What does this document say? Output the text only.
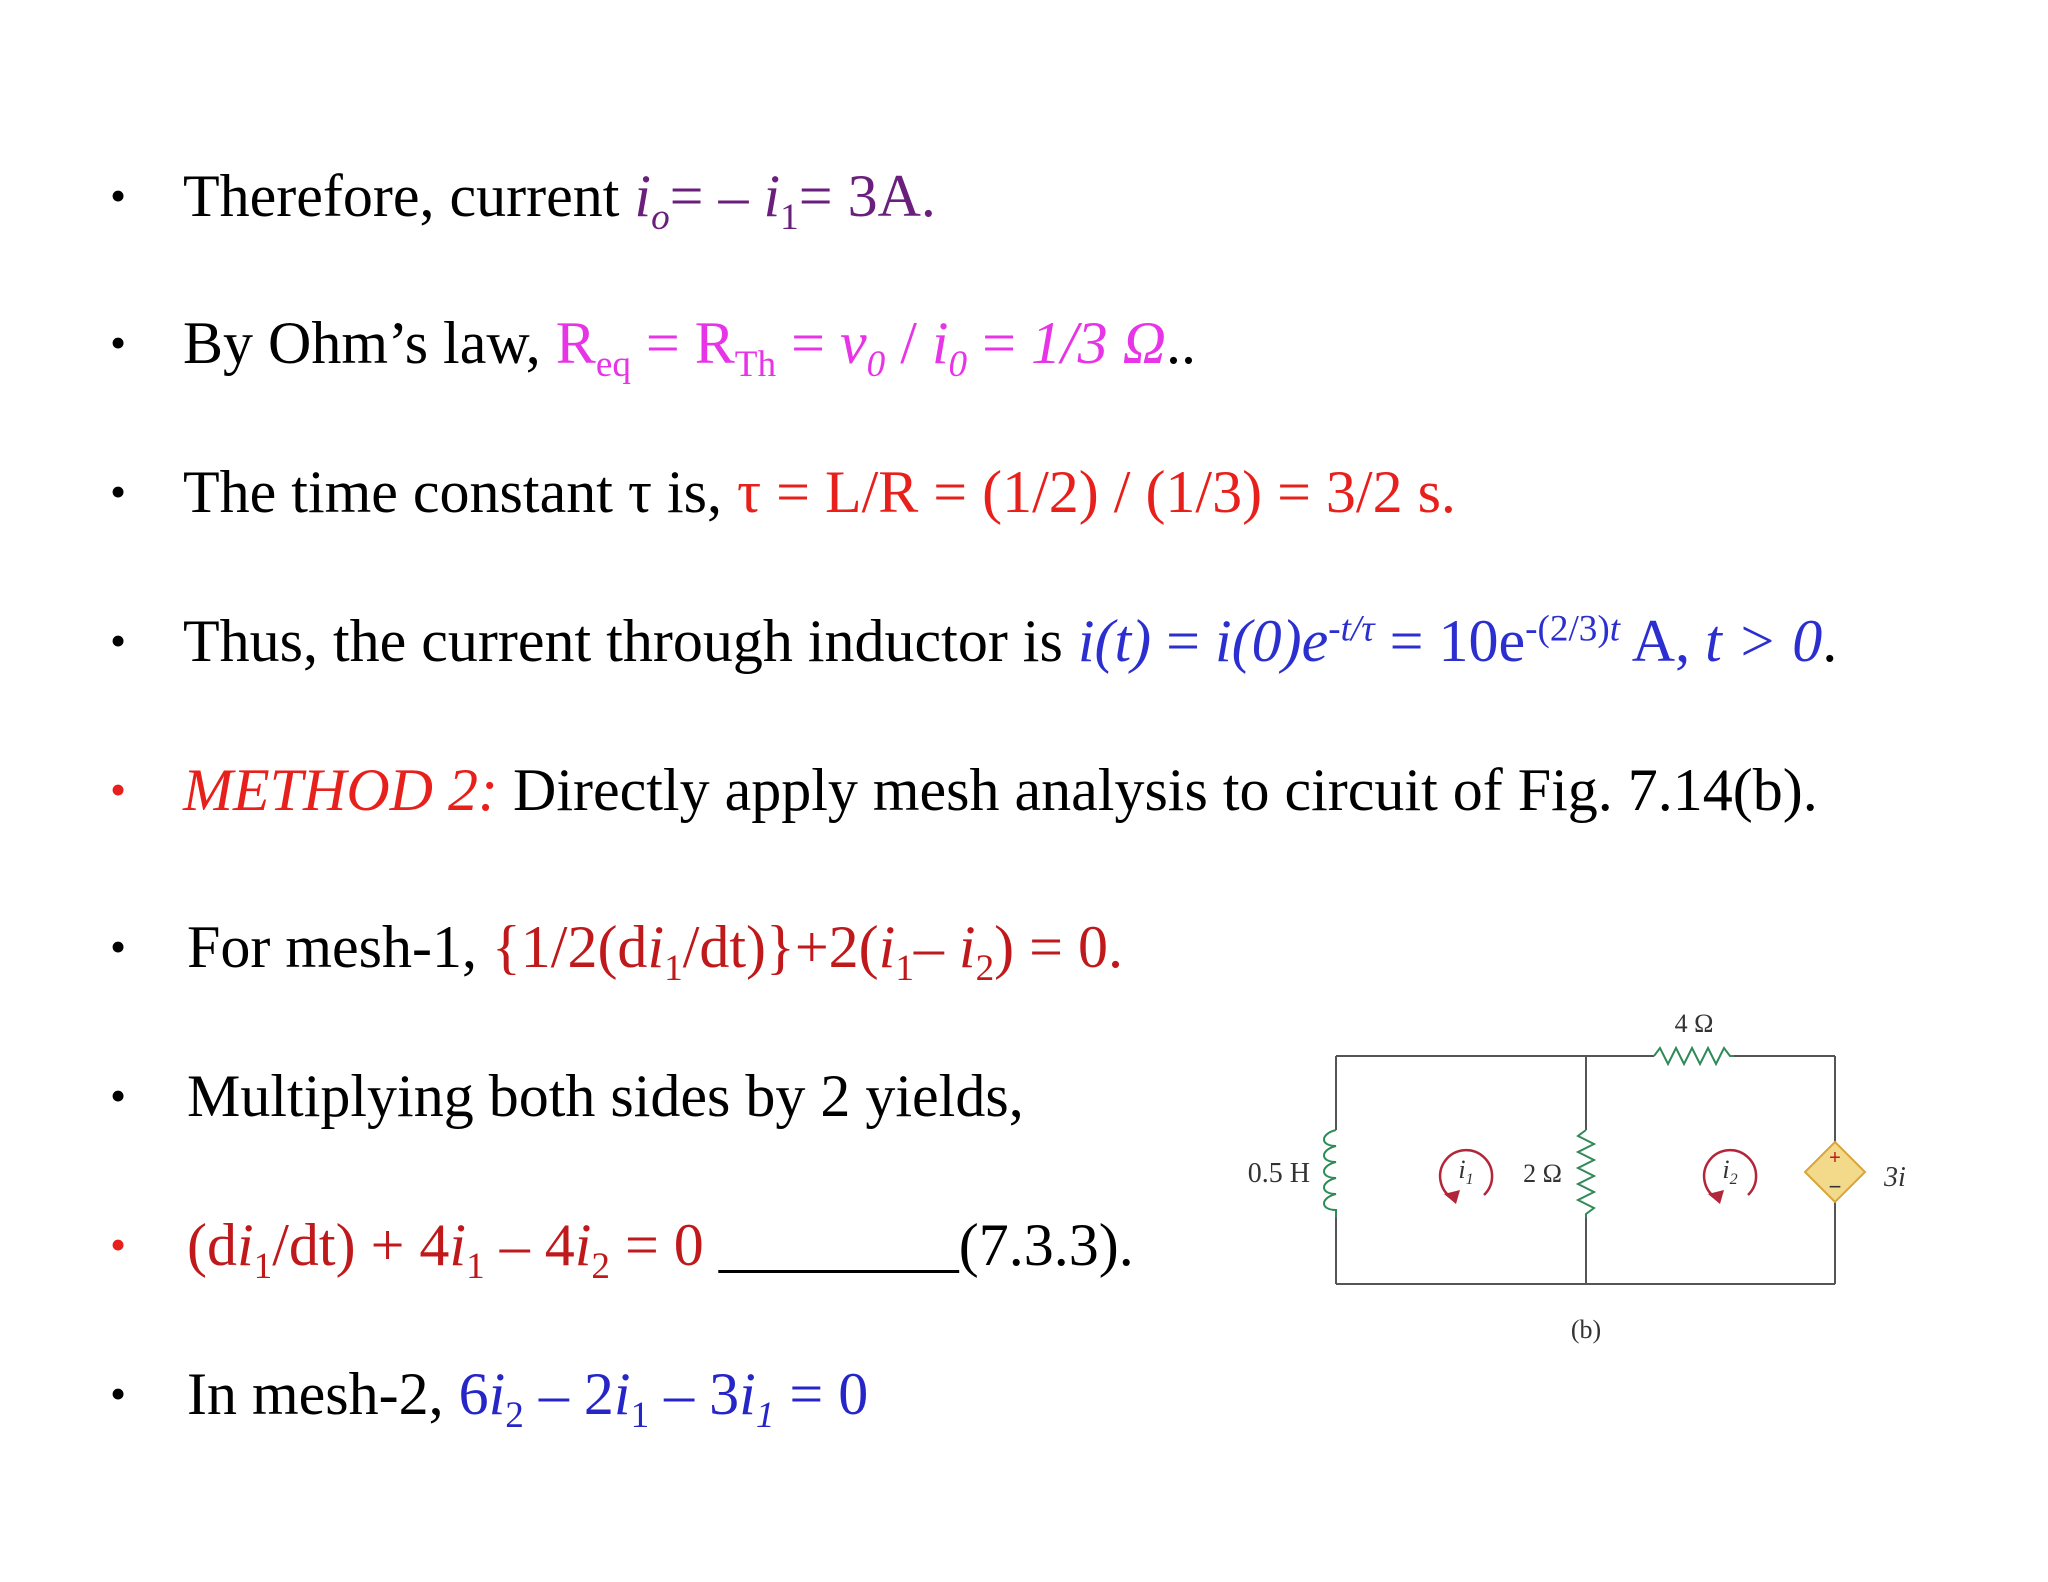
• Therefore, current $i_o= - i_1= 3A$.
• By Ohm’s law, $R_{eq} = R_{Th} = v_0 / i_0 = 1/3$ Ω..
• The time constant τ is, τ = L/R = (1/2) / (1/3) = 3/2 s.
• Thus, the current through inductor is $i(t) = i(0)e^{-t/\tau} = 10e^{-(2/3)t}$ A, t > 0.
• METHOD 2: Directly apply mesh analysis to circuit of Fig. 7.14(b).
• For mesh-1, $\{1/2(di_1/dt)\}+2(i_1-$ $i_2) = 0$.
• Multiplying both sides by 2 yields,
• $(di_1/dt) + 4i_1 - 4i_2 = 0$ ________(7.3.3).
• In mesh-2, $6i_2 - 2i_1 - 3i_1 = 0$
4 Ω
0.5 H	2 Ω
$i_1$	$i_2$
+
− 3i
(b)
